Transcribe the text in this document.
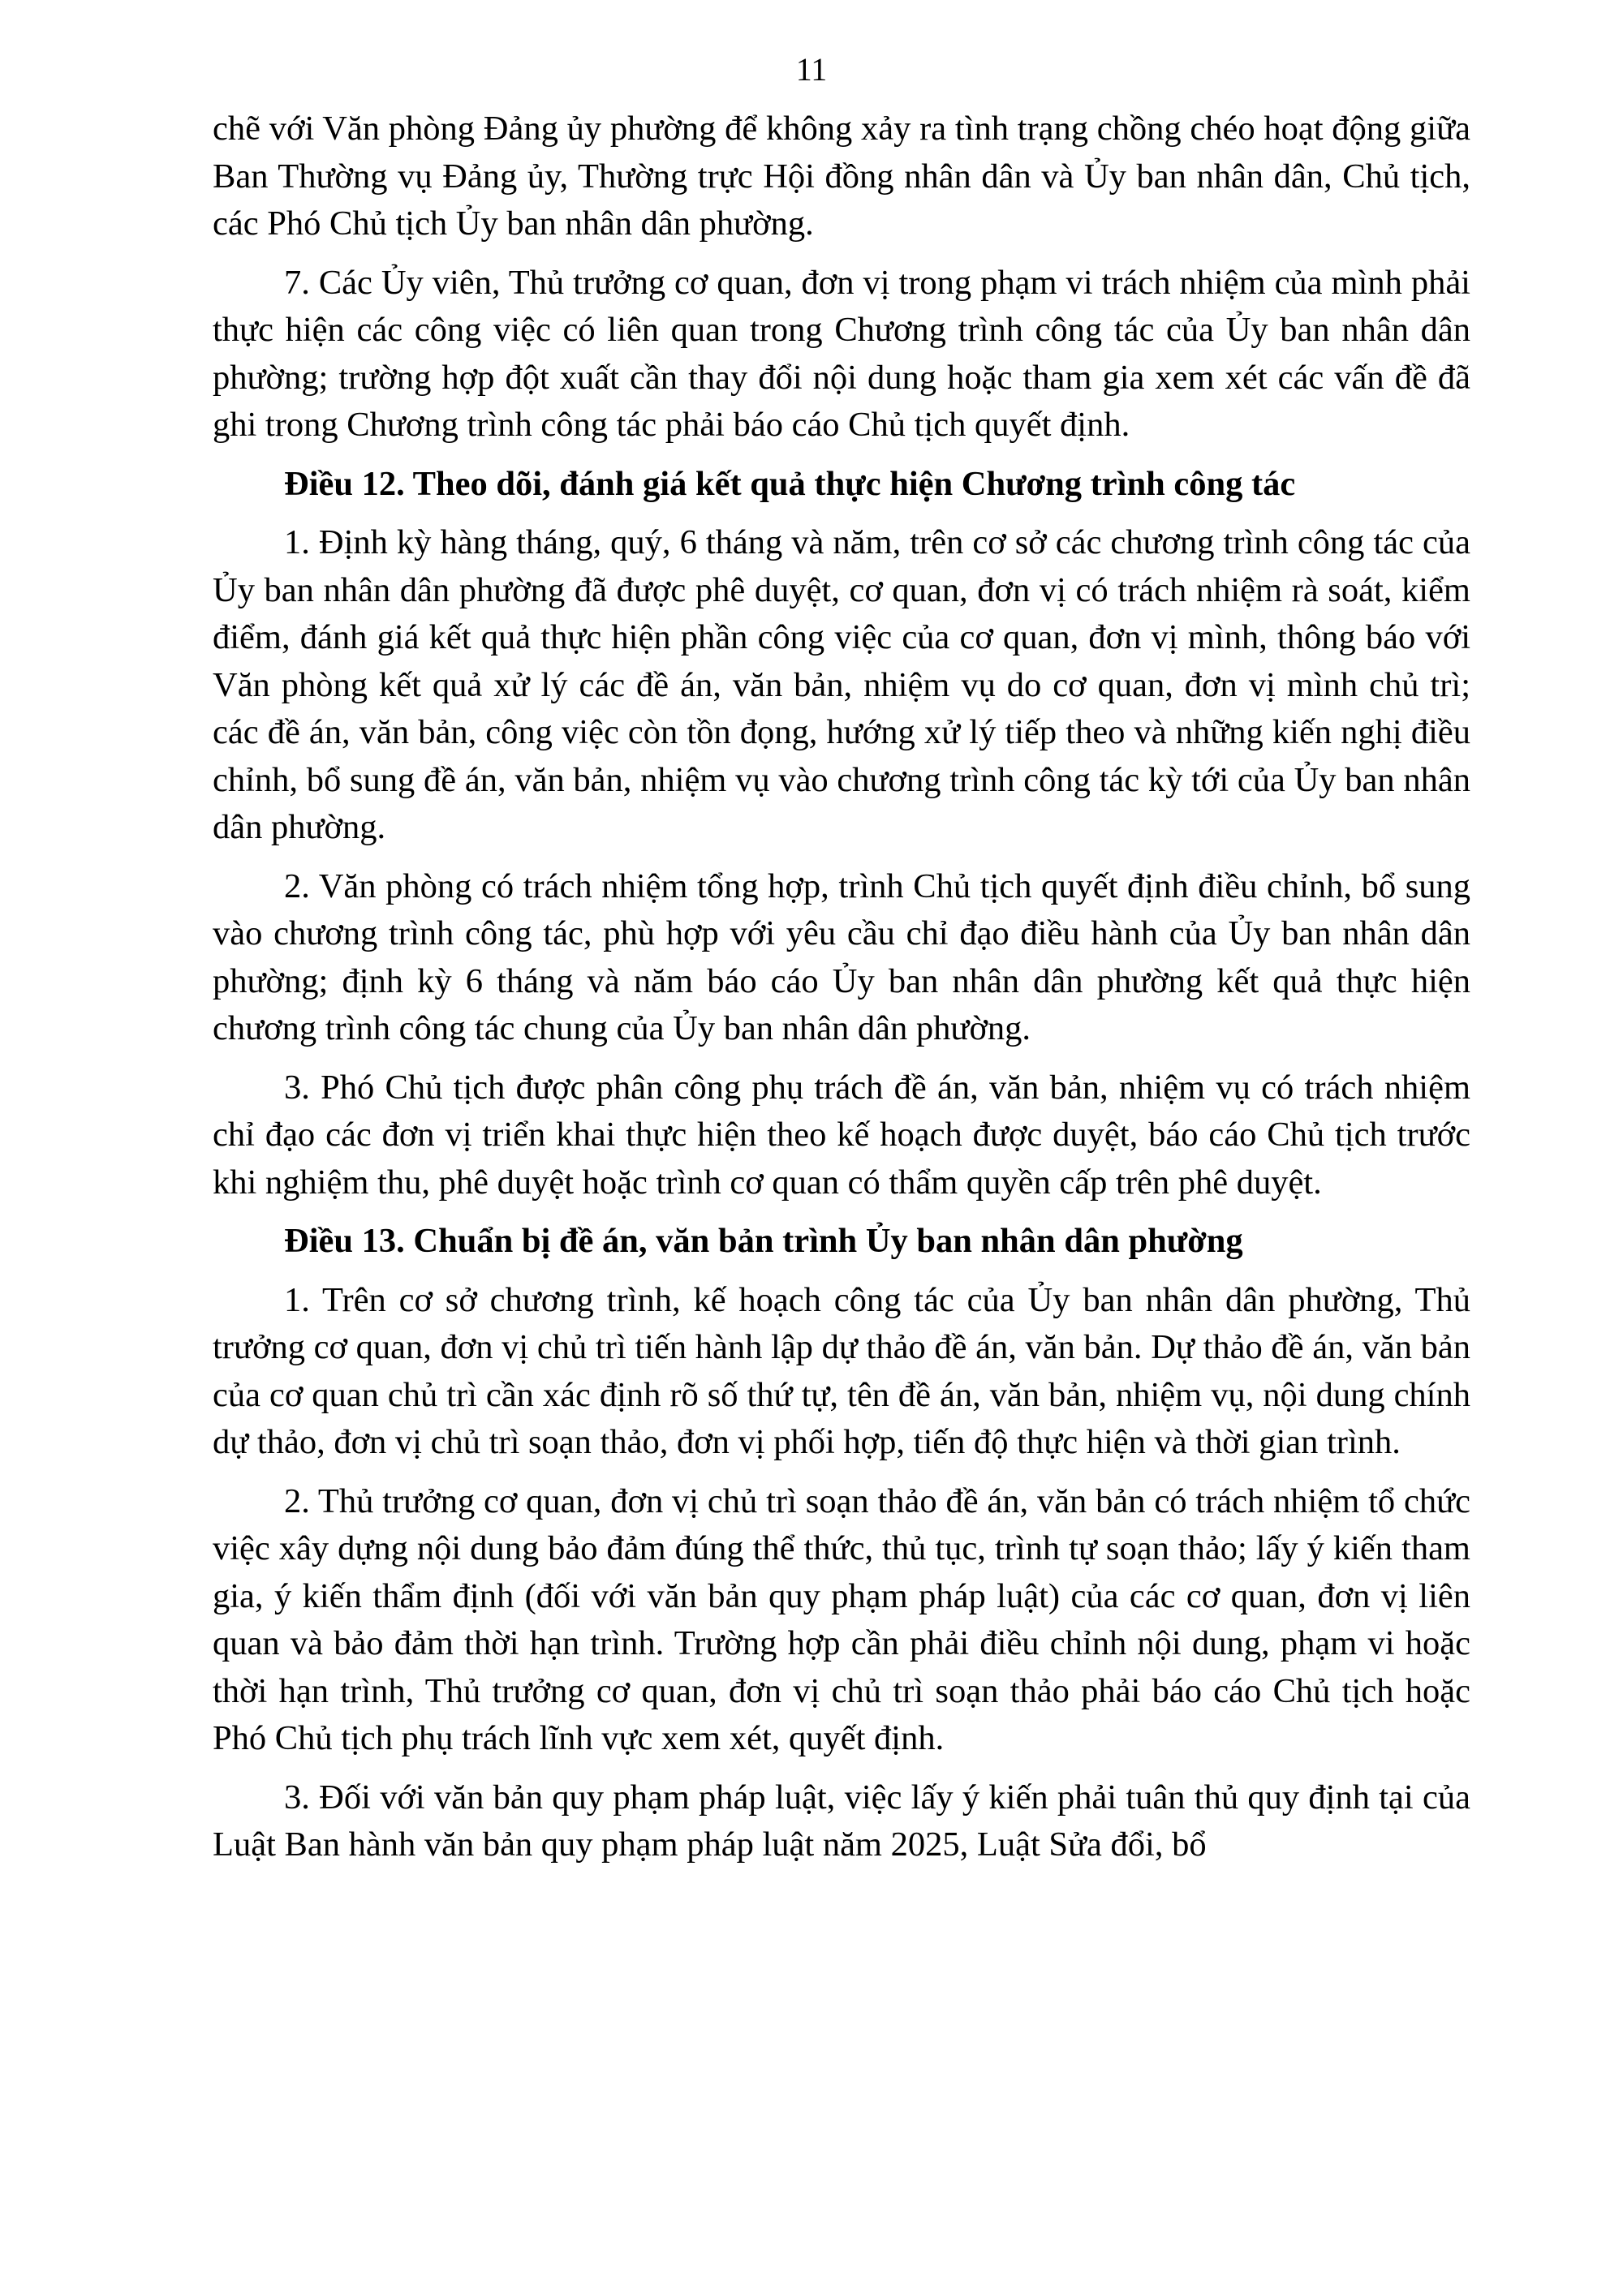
11

chẽ với Văn phòng Đảng ủy phường để không xảy ra tình trạng chồng chéo hoạt động giữa Ban Thường vụ Đảng ủy, Thường trực Hội đồng nhân dân và Ủy ban nhân dân, Chủ tịch, các Phó Chủ tịch Ủy ban nhân dân phường.

7. Các Ủy viên, Thủ trưởng cơ quan, đơn vị trong phạm vi trách nhiệm của mình phải thực hiện các công việc có liên quan trong Chương trình công tác của Ủy ban nhân dân phường; trường hợp đột xuất cần thay đổi nội dung hoặc tham gia xem xét các vấn đề đã ghi trong Chương trình công tác phải báo cáo Chủ tịch quyết định.

Điều 12. Theo dõi, đánh giá kết quả thực hiện Chương trình công tác

1. Định kỳ hàng tháng, quý, 6 tháng và năm, trên cơ sở các chương trình công tác của Ủy ban nhân dân phường đã được phê duyệt, cơ quan, đơn vị có trách nhiệm rà soát, kiểm điểm, đánh giá kết quả thực hiện phần công việc của cơ quan, đơn vị mình, thông báo với Văn phòng kết quả xử lý các đề án, văn bản, nhiệm vụ do cơ quan, đơn vị mình chủ trì; các đề án, văn bản, công việc còn tồn đọng, hướng xử lý tiếp theo và những kiến nghị điều chỉnh, bổ sung đề án, văn bản, nhiệm vụ vào chương trình công tác kỳ tới của Ủy ban nhân dân phường.

2. Văn phòng có trách nhiệm tổng hợp, trình Chủ tịch quyết định điều chỉnh, bổ sung vào chương trình công tác, phù hợp với yêu cầu chỉ đạo điều hành của Ủy ban nhân dân phường; định kỳ 6 tháng và năm báo cáo Ủy ban nhân dân phường kết quả thực hiện chương trình công tác chung của Ủy ban nhân dân phường.

3. Phó Chủ tịch được phân công phụ trách đề án, văn bản, nhiệm vụ có trách nhiệm chỉ đạo các đơn vị triển khai thực hiện theo kế hoạch được duyệt, báo cáo Chủ tịch trước khi nghiệm thu, phê duyệt hoặc trình cơ quan có thẩm quyền cấp trên phê duyệt.

Điều 13. Chuẩn bị đề án, văn bản trình Ủy ban nhân dân phường

1. Trên cơ sở chương trình, kế hoạch công tác của Ủy ban nhân dân phường, Thủ trưởng cơ quan, đơn vị chủ trì tiến hành lập dự thảo đề án, văn bản. Dự thảo đề án, văn bản của cơ quan chủ trì cần xác định rõ số thứ tự, tên đề án, văn bản, nhiệm vụ, nội dung chính dự thảo, đơn vị chủ trì soạn thảo, đơn vị phối hợp, tiến độ thực hiện và thời gian trình.

2. Thủ trưởng cơ quan, đơn vị chủ trì soạn thảo đề án, văn bản có trách nhiệm tổ chức việc xây dựng nội dung bảo đảm đúng thể thức, thủ tục, trình tự soạn thảo; lấy ý kiến tham gia, ý kiến thẩm định (đối với văn bản quy phạm pháp luật) của các cơ quan, đơn vị liên quan và bảo đảm thời hạn trình. Trường hợp cần phải điều chỉnh nội dung, phạm vi hoặc thời hạn trình, Thủ trưởng cơ quan, đơn vị chủ trì soạn thảo phải báo cáo Chủ tịch hoặc Phó Chủ tịch phụ trách lĩnh vực xem xét, quyết định.

3. Đối với văn bản quy phạm pháp luật, việc lấy ý kiến phải tuân thủ quy định tại của Luật Ban hành văn bản quy phạm pháp luật năm 2025, Luật Sửa đổi, bổ
